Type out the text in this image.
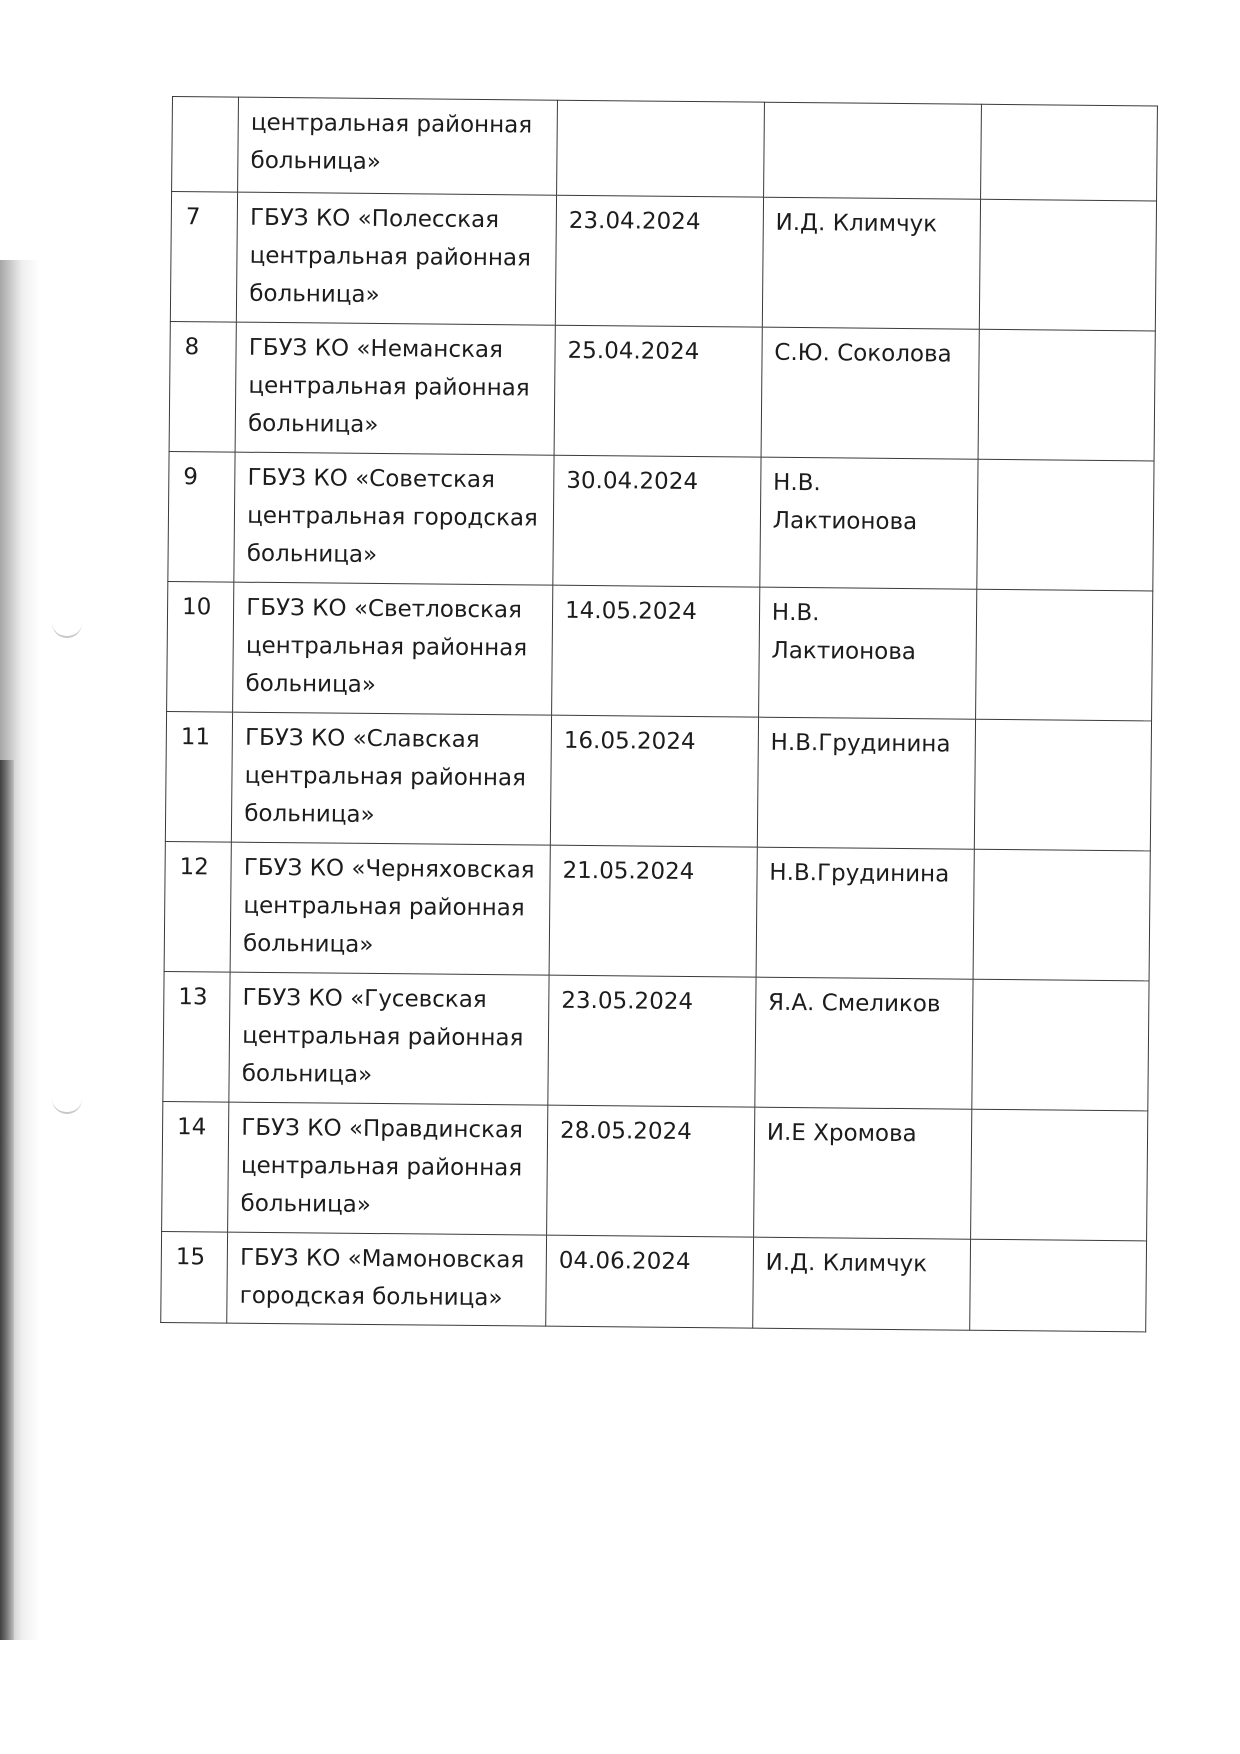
	центральная районная больница»			
7	ГБУЗ КО «Полесская центральная районная больница»	23.04.2024	И.Д. Климчук	
8	ГБУЗ КО «Неманская центральная районная больница»	25.04.2024	С.Ю. Соколова	
9	ГБУЗ КО «Советская центральная городская больница»	30.04.2024	Н.В. Лактионова	
10	ГБУЗ КО «Светловская центральная районная больница»	14.05.2024	Н.В. Лактионова	
11	ГБУЗ КО «Славская центральная районная больница»	16.05.2024	Н.В.Грудинина	
12	ГБУЗ КО «Черняховская центральная районная больница»	21.05.2024	Н.В.Грудинина	
13	ГБУЗ КО «Гусевская центральная районная больница»	23.05.2024	Я.А. Смеликов	
14	ГБУЗ КО «Правдинская центральная районная больница»	28.05.2024	И.Е Хромова	
15	ГБУЗ КО «Мамоновская городская больница»	04.06.2024	И.Д. Климчук	
